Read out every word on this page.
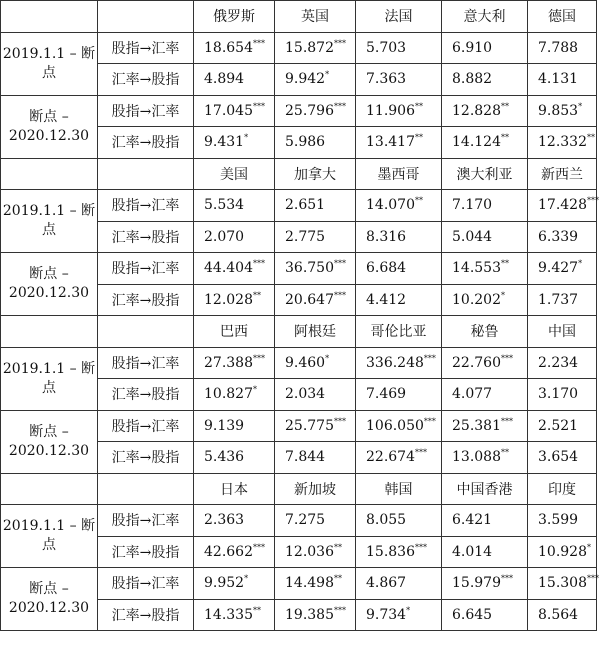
		俄罗斯	英国	法国	意大利	德国
2019.1.1 – 断点	股指→汇率	18.654***	15.872***	5.703	6.910	7.788
	汇率→股指	4.894	9.942*	7.363	8.882	4.131
断点 – 2020.12.30	股指→汇率	17.045***	25.796***	11.906**	12.828**	9.853*
	汇率→股指	9.431*	5.986	13.417**	14.124**	12.332**
		美国	加拿大	墨西哥	澳大利亚	新西兰
2019.1.1 – 断点	股指→汇率	5.534	2.651	14.070**	7.170	17.428***
	汇率→股指	2.070	2.775	8.316	5.044	6.339
断点 – 2020.12.30	股指→汇率	44.404***	36.750***	6.684	14.553**	9.427*
	汇率→股指	12.028**	20.647***	4.412	10.202*	1.737
		巴西	阿根廷	哥伦比亚	秘鲁	中国
2019.1.1 – 断点	股指→汇率	27.388***	9.460*	336.248***	22.760***	2.234
	汇率→股指	10.827*	2.034	7.469	4.077	3.170
断点 – 2020.12.30	股指→汇率	9.139	25.775***	106.050***	25.381***	2.521
	汇率→股指	5.436	7.844	22.674***	13.088**	3.654
		日本	新加坡	韩国	中国香港	印度
2019.1.1 – 断点	股指→汇率	2.363	7.275	8.055	6.421	3.599
	汇率→股指	42.662***	12.036**	15.836***	4.014	10.928*
断点 – 2020.12.30	股指→汇率	9.952*	14.498**	4.867	15.979***	15.308***
	汇率→股指	14.335**	19.385***	9.734*	6.645	8.564
